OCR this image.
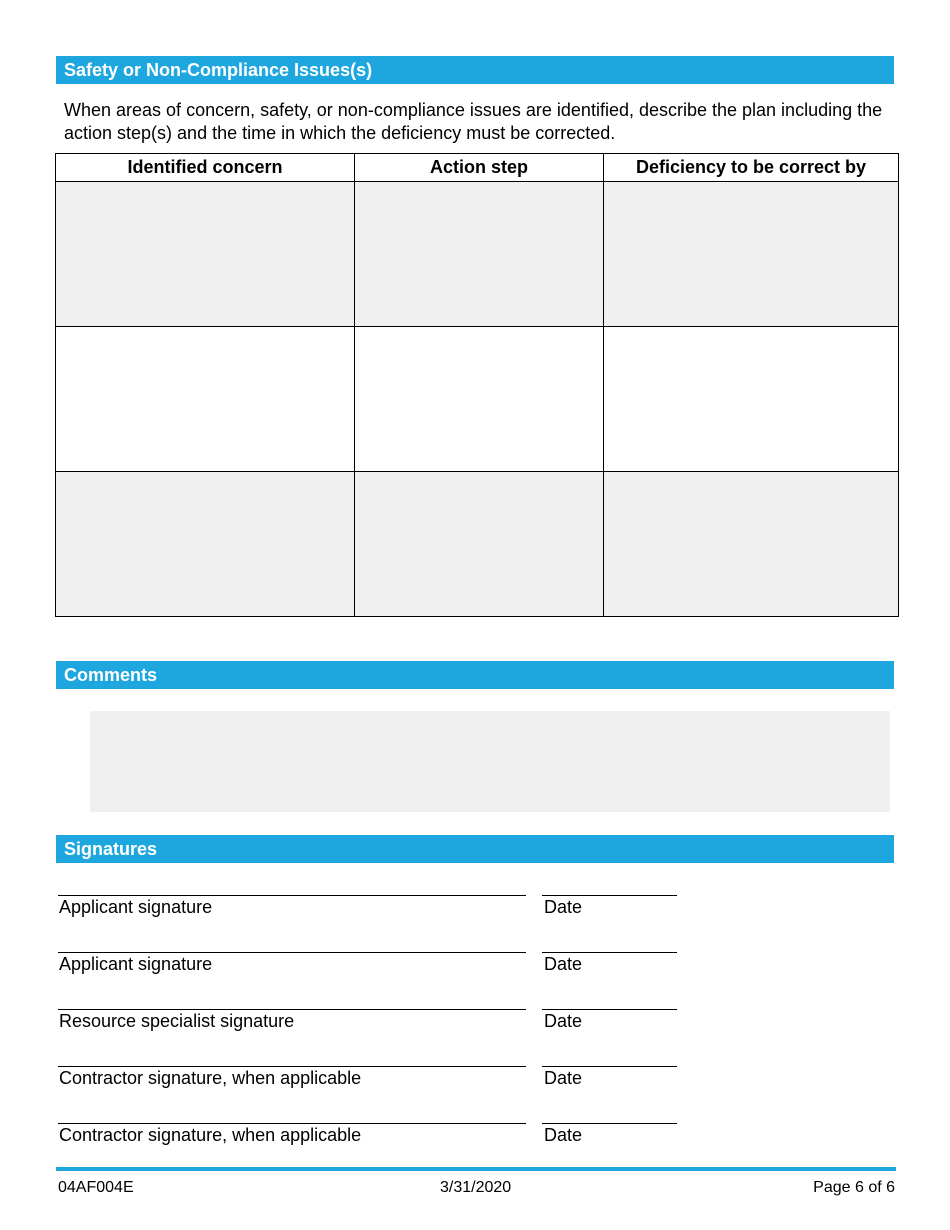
Safety or Non-Compliance Issues(s)
When areas of concern, safety, or non-compliance issues are identified, describe the plan including the action step(s) and the time in which the deficiency must be corrected.
Identified concern	Action step	Deficiency to be correct by

Comments
Signatures
Applicant signature	Date
Applicant signature	Date
Resource specialist signature	Date
Contractor signature, when applicable	Date
Contractor signature, when applicable	Date
04AF004E	3/31/2020	Page 6 of 6
